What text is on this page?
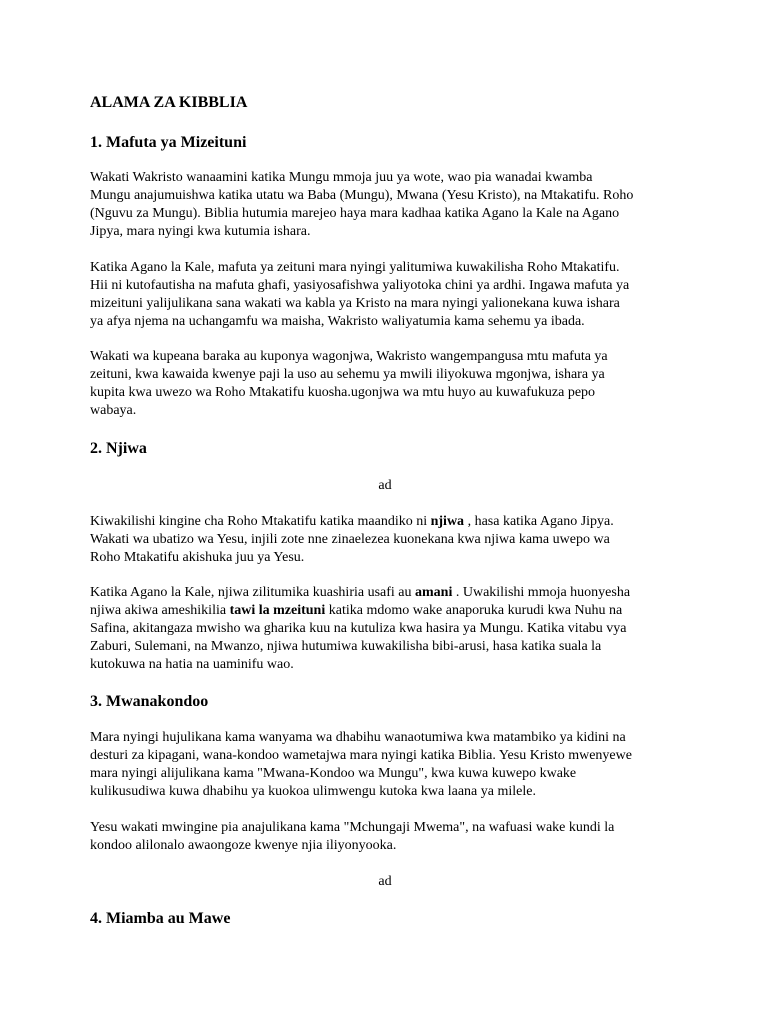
ALAMA ZA KIBBLIA
1. Mafuta ya Mizeituni

Wakati Wakristo wanaamini katika Mungu mmoja juu ya wote, wao pia wanadai kwamba
Mungu anajumuishwa katika utatu wa Baba (Mungu), Mwana (Yesu Kristo), na Mtakatifu. Roho
(Nguvu za Mungu). Biblia hutumia marejeo haya mara kadhaa katika Agano la Kale na Agano
Jipya, mara nyingi kwa kutumia ishara.

Katika Agano la Kale, mafuta ya zeituni mara nyingi yalitumiwa kuwakilisha Roho Mtakatifu.
Hii ni kutofautisha na mafuta ghafi, yasiyosafishwa yaliyotoka chini ya ardhi. Ingawa mafuta ya
mizeituni yalijulikana sana wakati wa kabla ya Kristo na mara nyingi yalionekana kuwa ishara
ya afya njema na uchangamfu wa maisha, Wakristo waliyatumia kama sehemu ya ibada.

Wakati wa kupeana baraka au kuponya wagonjwa, Wakristo wangempangusa mtu mafuta ya
zeituni, kwa kawaida kwenye paji la uso au sehemu ya mwili iliyokuwa mgonjwa, ishara ya
kupita kwa uwezo wa Roho Mtakatifu kuosha.ugonjwa wa mtu huyo au kuwafukuza pepo
wabaya.

2. Njiwa

ad

Kiwakilishi kingine cha Roho Mtakatifu katika maandiko ni njiwa , hasa katika Agano Jipya.
Wakati wa ubatizo wa Yesu, injili zote nne zinaelezea kuonekana kwa njiwa kama uwepo wa
Roho Mtakatifu akishuka juu ya Yesu.

Katika Agano la Kale, njiwa zilitumika kuashiria usafi au amani . Uwakilishi mmoja huonyesha
njiwa akiwa ameshikilia tawi la mzeituni katika mdomo wake anaporuka kurudi kwa Nuhu na
Safina, akitangaza mwisho wa gharika kuu na kutuliza kwa hasira ya Mungu. Katika vitabu vya
Zaburi, Sulemani, na Mwanzo, njiwa hutumiwa kuwakilisha bibi-arusi, hasa katika suala la
kutokuwa na hatia na uaminifu wao.

3. Mwanakondoo

Mara nyingi hujulikana kama wanyama wa dhabihu wanaotumiwa kwa matambiko ya kidini na
desturi za kipagani, wana-kondoo wametajwa mara nyingi katika Biblia. Yesu Kristo mwenyewe
mara nyingi alijulikana kama "Mwana-Kondoo wa Mungu", kwa kuwa kuwepo kwake
kulikusudiwa kuwa dhabihu ya kuokoa ulimwengu kutoka kwa laana ya milele.

Yesu wakati mwingine pia anajulikana kama "Mchungaji Mwema", na wafuasi wake kundi la
kondoo alilonalo awaongoze kwenye njia iliyonyooka.

ad

4. Miamba au Mawe
